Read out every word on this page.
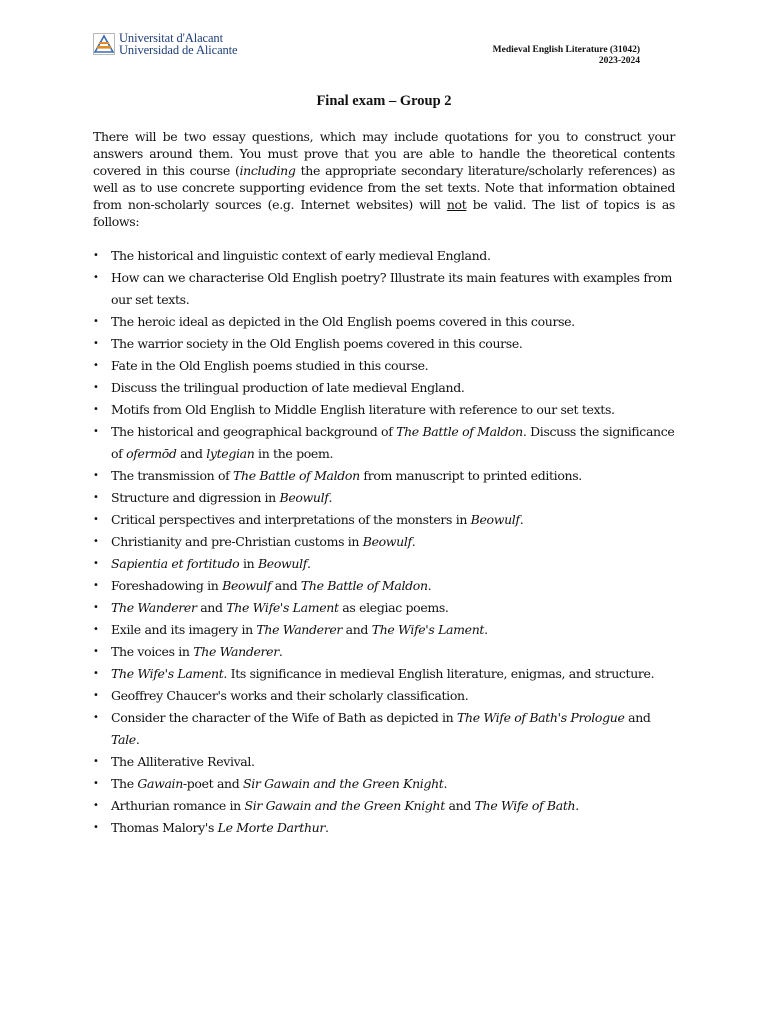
Universitat d'Alacant
Universidad de Alicante	Medieval English Literature (31042)
2023-2024
Final exam – Group 2

There will be two essay questions, which may include quotations for you to construct your answers around them. You must prove that you are able to handle the theoretical contents covered in this course (including the appropriate secondary literature/scholarly references) as well as to use concrete supporting evidence from the set texts. Note that information obtained from non-scholarly sources (e.g. Internet websites) will not be valid. The list of topics is as follows:

• The historical and linguistic context of early medieval England.
• How can we characterise Old English poetry? Illustrate its main features with examples from our set texts.
• The heroic ideal as depicted in the Old English poems covered in this course.
• The warrior society in the Old English poems covered in this course.
• Fate in the Old English poems studied in this course.
• Discuss the trilingual production of late medieval England.
• Motifs from Old English to Middle English literature with reference to our set texts.
• The historical and geographical background of The Battle of Maldon. Discuss the significance of ofermōd and lytegian in the poem.
• The transmission of The Battle of Maldon from manuscript to printed editions.
• Structure and digression in Beowulf.
• Critical perspectives and interpretations of the monsters in Beowulf.
• Christianity and pre-Christian customs in Beowulf.
• Sapientia et fortitudo in Beowulf.
• Foreshadowing in Beowulf and The Battle of Maldon.
• The Wanderer and The Wife's Lament as elegiac poems.
• Exile and its imagery in The Wanderer and The Wife's Lament.
• The voices in The Wanderer.
• The Wife's Lament. Its significance in medieval English literature, enigmas, and structure.
• Geoffrey Chaucer's works and their scholarly classification.
• Consider the character of the Wife of Bath as depicted in The Wife of Bath's Prologue and Tale.
• The Alliterative Revival.
• The Gawain-poet and Sir Gawain and the Green Knight.
• Arthurian romance in Sir Gawain and the Green Knight and The Wife of Bath.
• Thomas Malory's Le Morte Darthur.
